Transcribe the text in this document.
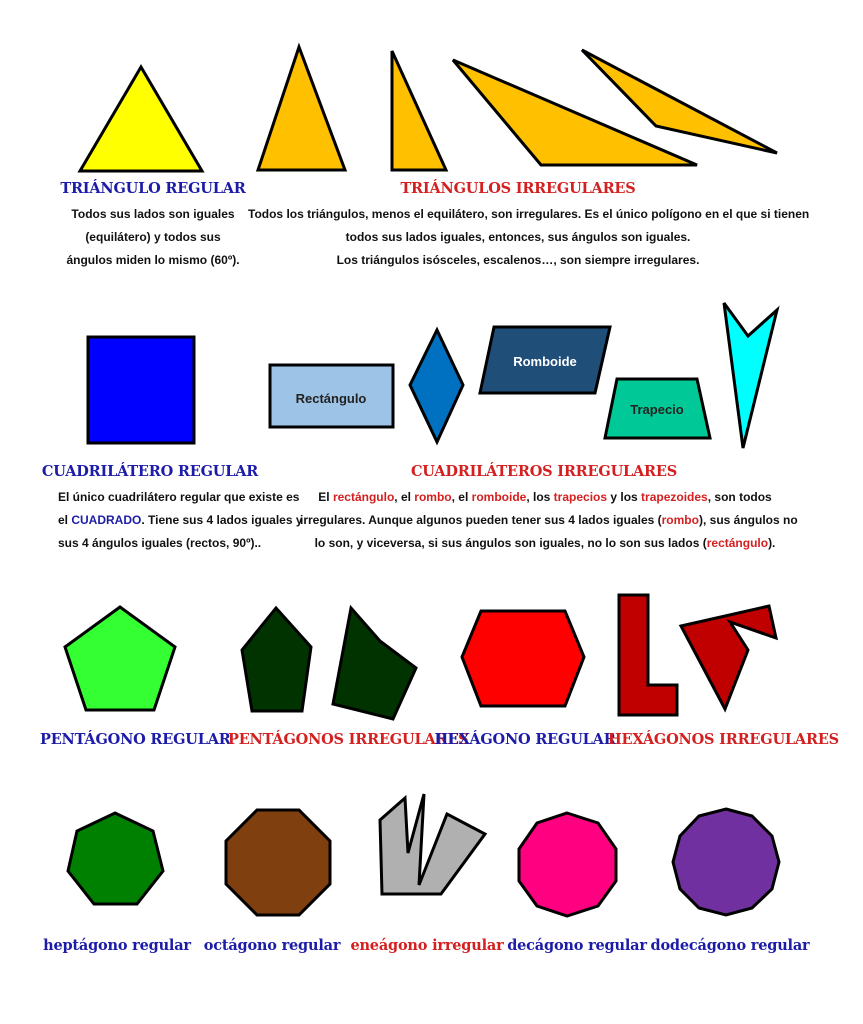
Rectángulo
Romboide
Trapecio
TRIÁNGULO REGULAR
Todos sus lados son iguales
(equilátero) y todos sus
ángulos miden lo mismo (60º).
TRIÁNGULOS IRREGULARES
Todos los triángulos, menos el equilátero, son irregulares. Es el único polígono en el que si tienen
todos sus lados iguales, entonces, sus ángulos son iguales.
Los triángulos isósceles, escalenos…, son siempre irregulares.
CUADRILÁTERO REGULAR
El único cuadrilátero regular que existe es
el CUADRADO. Tiene sus 4 lados iguales y
sus 4 ángulos iguales (rectos, 90º)..
CUADRILÁTEROS IRREGULARES
El rectángulo, el rombo, el romboide, los trapecios y los trapezoides, son todos
irregulares. Aunque algunos pueden tener sus 4 lados iguales (rombo), sus ángulos no
lo son, y viceversa, si sus ángulos son iguales, no lo son sus lados (rectángulo).
PENTÁGONO REGULAR
PENTÁGONOS IRREGULARES
HEXÁGONO REGULAR
HEXÁGONOS IRREGULARES
heptágono regular octágono regular eneágono irregular decágono regular dodecágono regular
